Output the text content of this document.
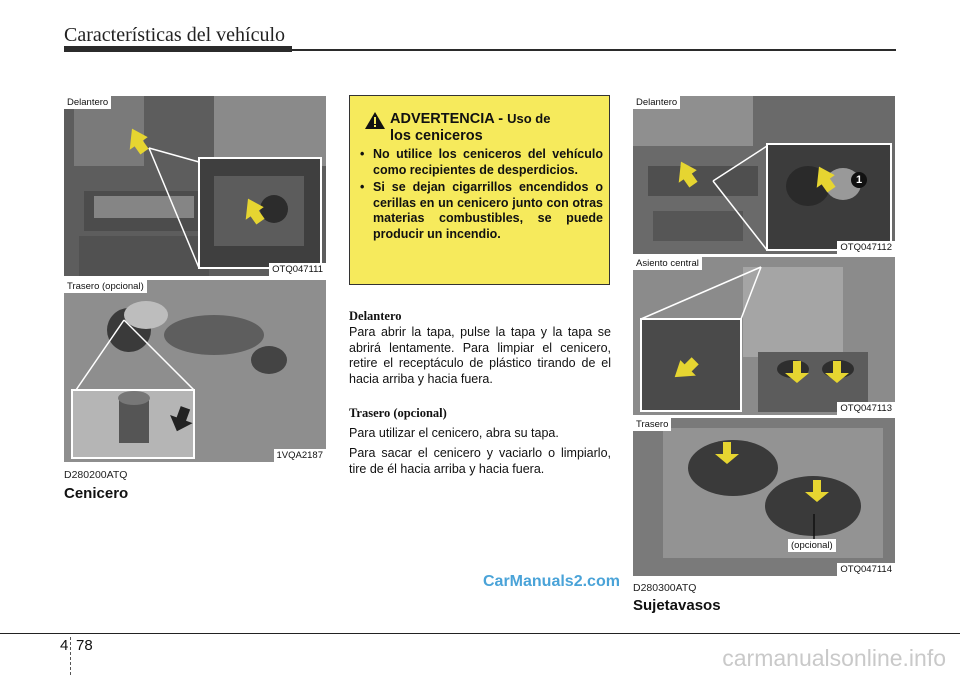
Características del vehículo
Delantero
OTQ047111
Trasero (opcional)
1VQA2187
D280200ATQ
Cenicero
ADVERTENCIA - Uso de
los ceniceros
• No utilice los ceniceros del vehículo como recipientes de desperdicios.
• Si se dejan cigarrillos encendidos o cerillas en un cenicero junto con otras materias combustibles, se puede producir un incendio.
Delantero
Para abrir la tapa, pulse la tapa y la tapa se abrirá lentamente. Para limpiar el cenicero, retire el receptáculo de plástico tirando de el hacia arriba y hacia fuera.
Trasero (opcional)
Para utilizar el cenicero, abra su tapa.
Para sacar el cenicero y vaciarlo o limpiarlo, tire de él hacia arriba y hacia fuera.
1
Delantero
OTQ047112
Asiento central
OTQ047113
Trasero
(opcional)
OTQ047114
D280300ATQ
Sujetavasos
CarManuals2.com
4 78	carmanualsonline.info
